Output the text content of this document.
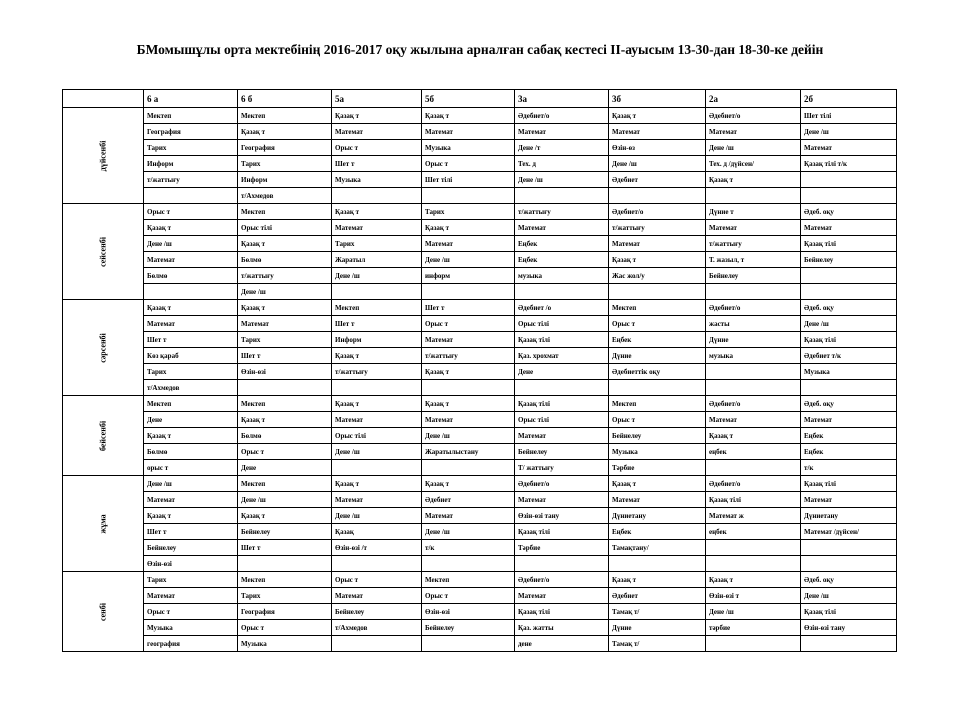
БМомышұлы орта мектебінің 2016-2017 оқу жылына арналған сабақ кестесі ІІ-ауысым 13-30-дан 18-30-ке дейін
	6 а	6 б	5а	5б	3а	3б	2а	2б

дүйсенбі	Мектеп	Мектеп	Қазақ т	Қазақ т	Әдебиет/о	Қазақ т	Әдебиет/о	Шет тілі
	География	Қазақ т	Математ	Математ	Математ	Математ	Математ	Дене /ш
	Тарих	География	Орыс т	Музыка	Дене /т	Өзін-өз	Дене /ш	Математ
	Информ	Тарих	Шет т	Орыс т	Тех. д	Дене /ш	Тех. д /дүйсен/	Қазақ тілі т/к
	т/жаттығу	Информ	Музыка	Шет тілі	Дене /ш	Әдебиет	Қазақ т	
		т/Ахмедов						

сейсенбі	Орыс т	Мектеп	Қазақ т	Тарих	т/жаттығу	Әдебиет/о	Дүние т	Әдеб. оқу
	Қазақ т	Орыс тілі	Математ	Қазақ т	Математ	т/жаттығу	Математ	Математ
	Дене /ш	Қазақ т	Тарих	Математ	Еңбек	Математ	т/жаттығу	Қазақ тілі
	Математ	Бөлмө	Жаратыл	Дене /ш	Еңбек	Қазақ т	Т. жазыл, т	Бейнелеу
	Бөлмө	т/жаттығу	Дене /ш	информ	музыка	Жас жол/у	Бейнелеу	
		Дене /ш						

сәрсенбі	Қазақ т	Қазақ т	Мектеп	Шет т	Әдебиет /о	Мектеп	Әдебиет/о	Әдеб. оқу
	Математ	Математ	Шет т	Орыс т	Орыс тілі	Орыс т	жасты	Дене /ш
	Шет т	Тарих	Информ	Математ	Қазақ тілі	Еңбек	Дүние	Қазақ тілі
	Көз қараб	Шет т	Қазақ т	т/жаттығу	Қаз. хрохмат	Дүние	музыка	Әдебиет т/к
	Тарих	Өзін-өзі	т/жаттығу	Қазақ т	Дене	Әдебиеттік оқу		Музыка
	т/Ахмедов							

бейсенбі	Мектеп	Мектеп	Қазақ т	Қазақ т	Қазақ тілі	Мектеп	Әдебиет/о	Әдеб. оқу
	Дене	Қазақ т	Математ	Математ	Орыс тілі	Орыс т	Математ	Математ
	Қазақ т	Бөлмө	Орыс тілі	Дене /ш	Математ	Бейнелеу	Қазақ т	Еңбек
	Бөлмө	Орыс т	Дене /ш	Жаратылыстану	Бейнелеу	Музыка	еңбек	Еңбек
	орыс т	Дене			Т/ жаттығу	Тәрбие		т/к

жұма	Дене /ш	Мектеп	Қазақ т	Қазақ т	Әдебиет/о	Қазақ т	Әдебиет/о	Қазақ тілі
	Математ	Дене /ш	Математ	Әдебиет	Математ	Математ	Қазақ тілі	Математ
	Қазақ т	Қазақ т	Дене /ш	Математ	Өзін-өзі тану	Дүниетану	Математ ж	Дүниетану
	Шет т	Бейнелеу	Қазақ	Дене /ш	Қазақ тілі	Еңбек	еңбек	Математ /дүйсен/
	Бейнелеу	Шет т	Өзін-өзі /т	т/к	Тәрбие	Тамақтану/		
	Өзін-өзі							

сенбі	Тарих	Мектеп	Орыс т	Мектеп	Әдебиет/о	Қазақ т	Қазақ т	Әдеб. оқу
	Математ	Тарих	Математ	Орыс т	Математ	Әдебиет	Өзін-өзі т	Дене /ш
	Орыс т	География	Бейнелеу	Өзін-өзі	Қазақ тілі	Тамақ т/	Дене /ш	Қазақ тілі
	Музыка	Орыс т	т/Ахмедов	Бейнелеу	Қаз. жатты	Дүние	тәрбие	Өзін-өзі тану
	география	Музыка			дене	Тамақ т/		
